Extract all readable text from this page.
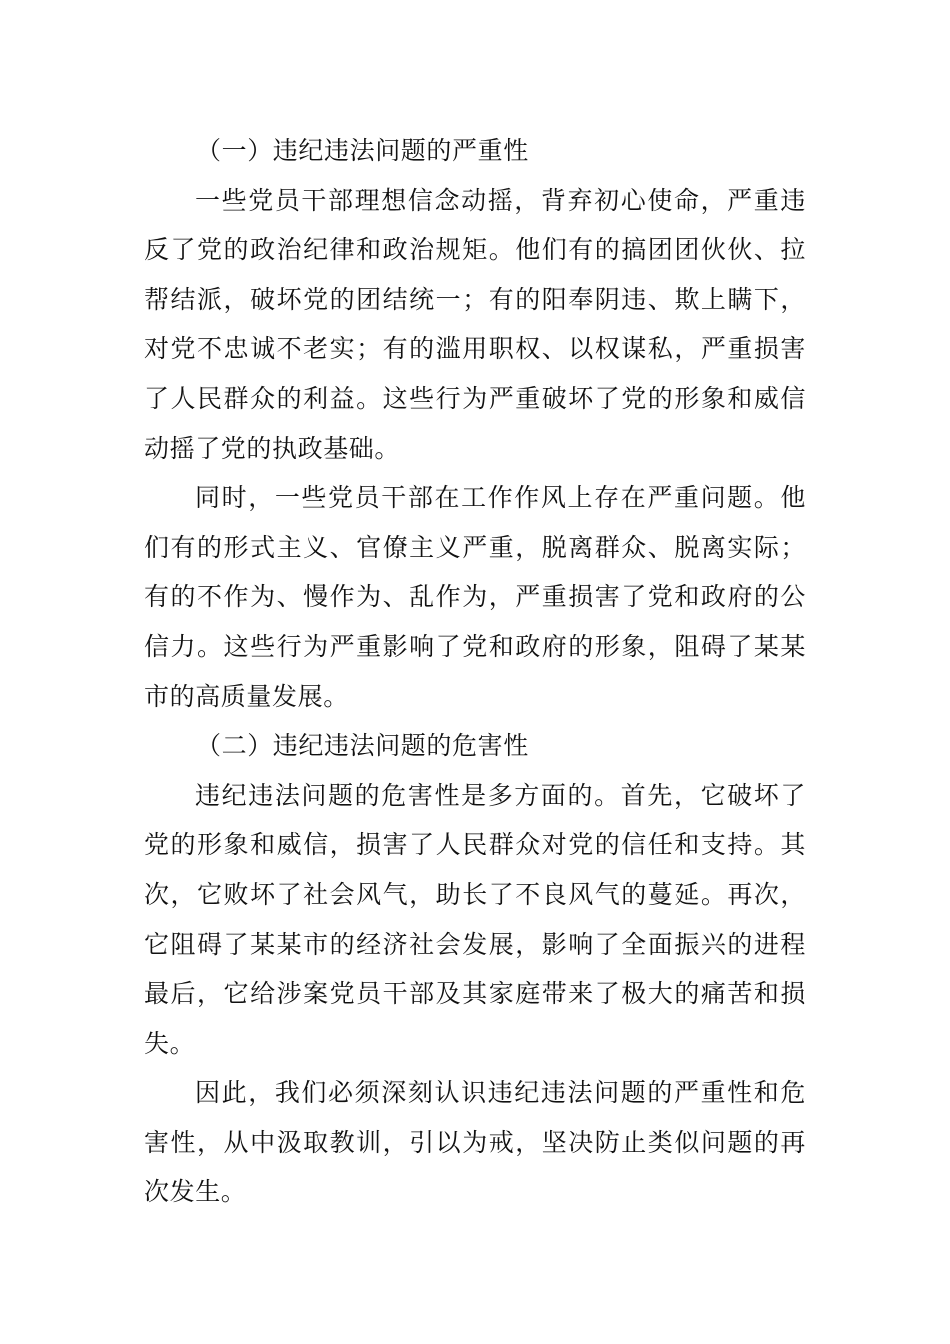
（一）违纪违法问题的严重性

一些党员干部理想信念动摇，背弃初心使命，严重违反了党的政治纪律和政治规矩。他们有的搞团团伙伙、拉帮结派，破坏党的团结统一；有的阳奉阴违、欺上瞒下，对党不忠诚不老实；有的滥用职权、以权谋私，严重损害了人民群众的利益。这些行为严重破坏了党的形象和威信动摇了党的执政基础。

同时，一些党员干部在工作作风上存在严重问题。他们有的形式主义、官僚主义严重，脱离群众、脱离实际；有的不作为、慢作为、乱作为，严重损害了党和政府的公信力。这些行为严重影响了党和政府的形象，阻碍了某某市的高质量发展。

（二）违纪违法问题的危害性

违纪违法问题的危害性是多方面的。首先，它破坏了党的形象和威信，损害了人民群众对党的信任和支持。其次，它败坏了社会风气，助长了不良风气的蔓延。再次，它阻碍了某某市的经济社会发展，影响了全面振兴的进程最后，它给涉案党员干部及其家庭带来了极大的痛苦和损失。

因此，我们必须深刻认识违纪违法问题的严重性和危害性，从中汲取教训，引以为戒，坚决防止类似问题的再次发生。
